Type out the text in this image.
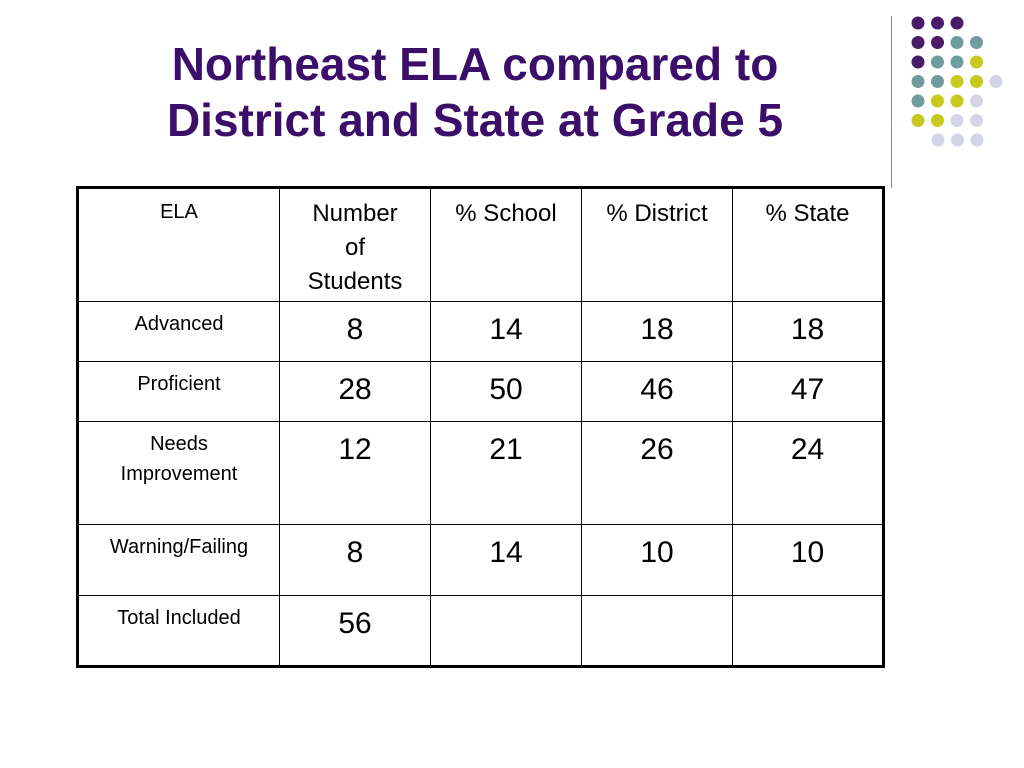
Northeast ELA compared to
District and State at Grade 5
ELA	Number
of
Students	% School	% District	% State
Advanced	8	14	18	18
Proficient	28	50	46	47

Needs
Improvement	12	21	26	24
Warning/Failing	8	14	10	10
Total Included	56			
